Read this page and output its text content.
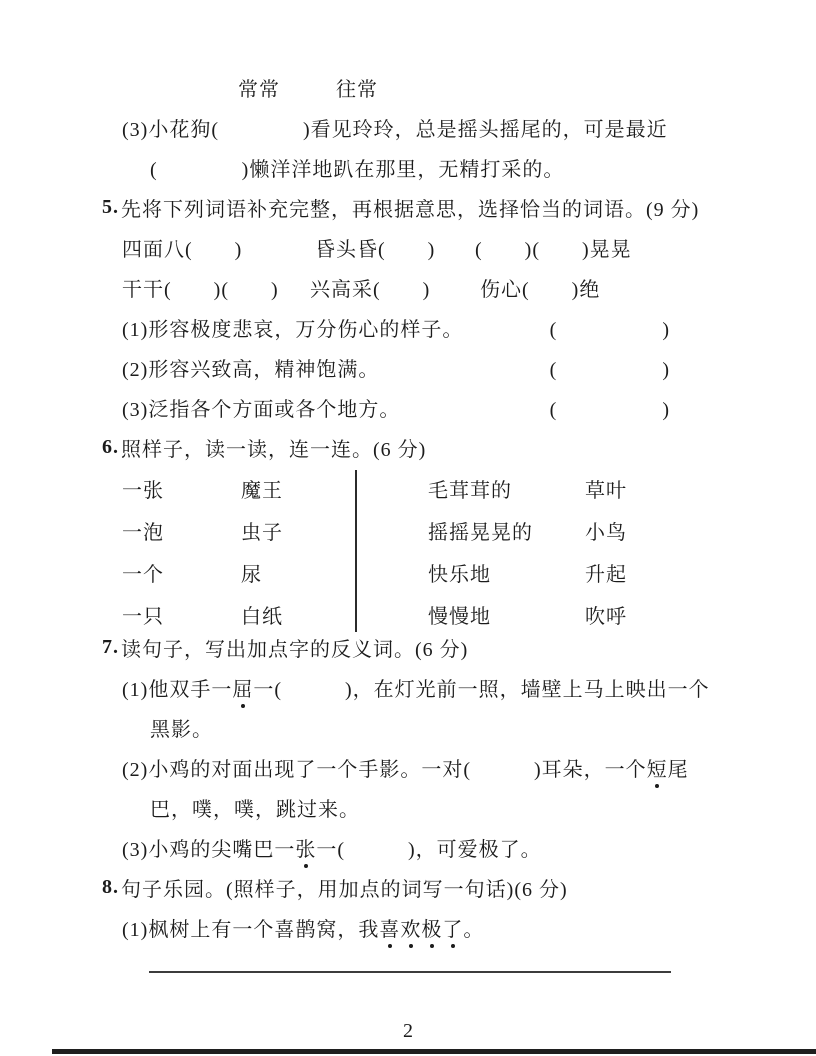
常常	往常
(3)小花狗(　　　　)看见玲玲，总是摇头摇尾的，可是最近
(　　　　)懒洋洋地趴在那里，无精打采的。
5. 先将下列词语补充完整，再根据意思，选择恰当的词语。(9 分)
四面八(　　)	昏头昏(　　)	(　　)(　　)晃晃
干干(　　)(　　)	兴高采(　　)	伤心(　　)绝
(1)形容极度悲哀，万分伤心的样子。	(　　　　　)
(2)形容兴致高，精神饱满。	(　　　　　)
(3)泛指各个方面或各个地方。	(　　　　　)
6. 照样子，读一读，连一连。(6 分)
一张	魔王
一泡	虫子
一个	尿
一只	白纸
毛茸茸的	草叶
摇摇晃晃的	小鸟
快乐地	升起
慢慢地	吹呼
7. 读句子，写出加点字的反义词。(6 分)
(1)他双手一 屈 一(　　　)，在灯光前一照，墙壁上马上映出一个
黑影。
(2)小鸡的对面出现了一个手影。一对(　　　)耳朵，一个 短 尾
巴，噗，噗，跳过来。
(3)小鸡的尖嘴巴一 张 一(　　　)，可爱极了。
8. 句子乐园。(照样子，用加点的词写一句话)(6 分)
(1)枫树上有一个喜鹊窝，我 喜欢极了 。
2
